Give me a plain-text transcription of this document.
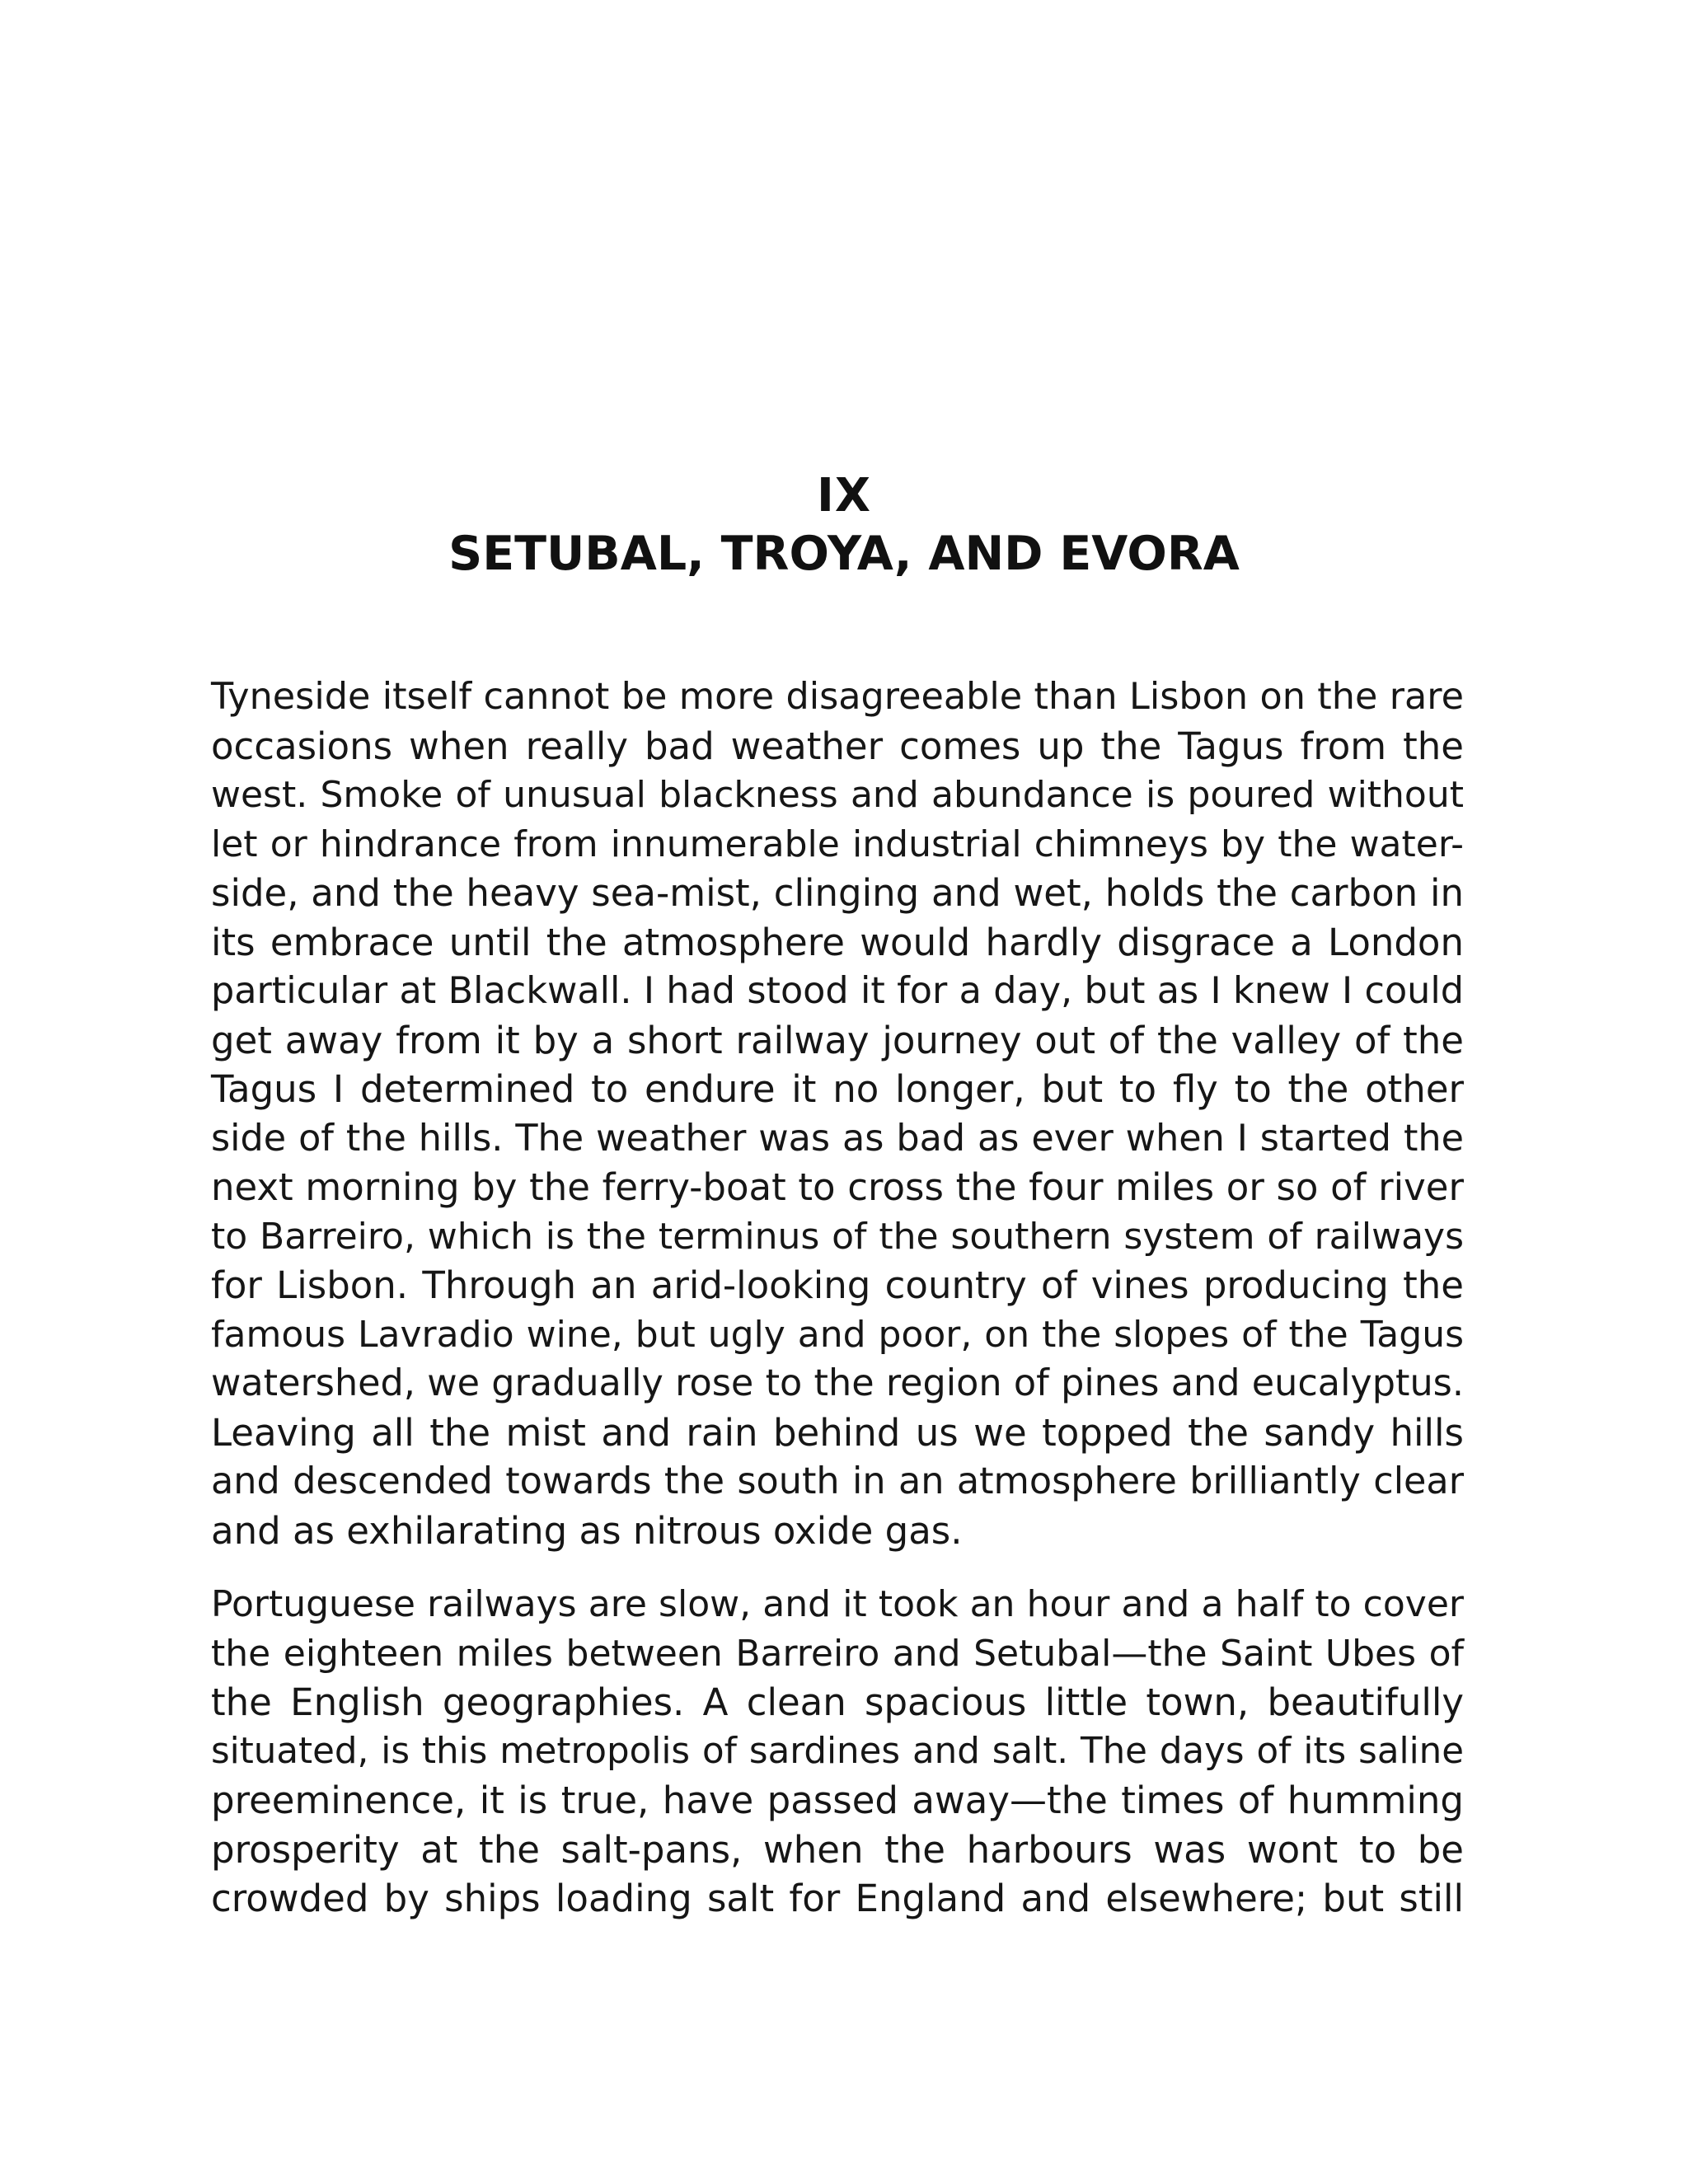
IX
SETUBAL, TROYA, AND EVORA

Tyneside itself cannot be more disagreeable than Lisbon on the rare
occasions when really bad weather comes up the Tagus from the
west. Smoke of unusual blackness and abundance is poured without
let or hindrance from innumerable industrial chimneys by the water-
side, and the heavy sea-mist, clinging and wet, holds the carbon in
its embrace until the atmosphere would hardly disgrace a London
particular at Blackwall. I had stood it for a day, but as I knew I could
get away from it by a short railway journey out of the valley of the
Tagus I determined to endure it no longer, but to fly to the other
side of the hills. The weather was as bad as ever when I started the
next morning by the ferry-boat to cross the four miles or so of river
to Barreiro, which is the terminus of the southern system of railways
for Lisbon. Through an arid-looking country of vines producing the
famous Lavradio wine, but ugly and poor, on the slopes of the Tagus
watershed, we gradually rose to the region of pines and eucalyptus.
Leaving all the mist and rain behind us we topped the sandy hills
and descended towards the south in an atmosphere brilliantly clear
and as exhilarating as nitrous oxide gas.

Portuguese railways are slow, and it took an hour and a half to cover
the eighteen miles between Barreiro and Setubal—the Saint Ubes of
the English geographies. A clean spacious little town, beautifully
situated, is this metropolis of sardines and salt. The days of its saline
preeminence, it is true, have passed away—the times of humming
prosperity at the salt-pans, when the harbours was wont to be
crowded by ships loading salt for England and elsewhere; but still
